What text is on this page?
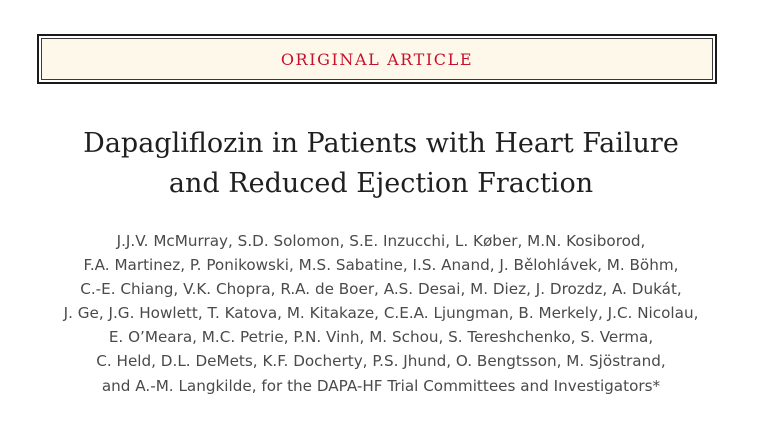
ORIGINAL ARTICLE
Dapagliflozin in Patients with Heart Failure
and Reduced Ejection Fraction

J.J.V. McMurray, S.D. Solomon, S.E. Inzucchi, L. Køber, M.N. Kosiborod,
F.A. Martinez, P. Ponikowski, M.S. Sabatine, I.S. Anand, J. Bělohlávek, M. Böhm,
C.-E. Chiang, V.K. Chopra, R.A. de Boer, A.S. Desai, M. Diez, J. Drozdz, A. Dukát,
J. Ge, J.G. Howlett, T. Katova, M. Kitakaze, C.E.A. Ljungman, B. Merkely, J.C. Nicolau,
E. O’Meara, M.C. Petrie, P.N. Vinh, M. Schou, S. Tereshchenko, S. Verma,
C. Held, D.L. DeMets, K.F. Docherty, P.S. Jhund, O. Bengtsson, M. Sjöstrand,
and A.-M. Langkilde, for the DAPA-HF Trial Committees and Investigators*
